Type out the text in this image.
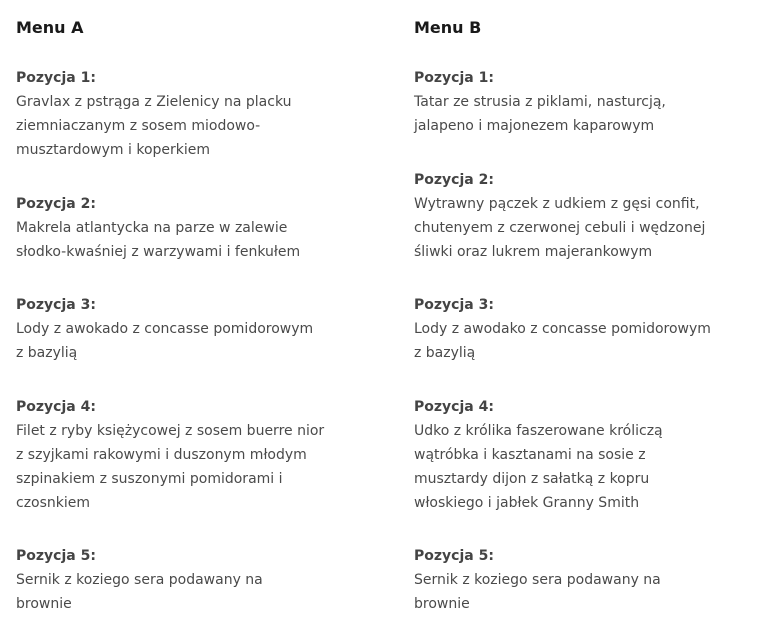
Menu A
Pozycja 1:
Gravlax z pstrąga z Zielenicy na placku
ziemniaczanym z sosem miodowo-
musztardowym i koperkiem
Pozycja 2:
Makrela atlantycka na parze w zalewie
słodko-kwaśniej z warzywami i fenkułem
Pozycja 3:
Lody z awokado z concasse pomidorowym
z bazylią
Pozycja 4:
Filet z ryby księżycowej z sosem buerre nior
z szyjkami rakowymi i duszonym młodym
szpinakiem z suszonymi pomidorami i
czosnkiem
Pozycja 5:
Sernik z koziego sera podawany na
brownie
Menu B
Pozycja 1:
Tatar ze strusia z piklami, nasturcją,
jalapeno i majonezem kaparowym
Pozycja 2:
Wytrawny pączek z udkiem z gęsi confit,
chutenyem z czerwonej cebuli i wędzonej
śliwki oraz lukrem majerankowym
Pozycja 3:
Lody z awodako z concasse pomidorowym
z bazylią
Pozycja 4:
Udko z królika faszerowane króliczą
wątróbka i kasztanami na sosie z
musztardy dijon z sałatką z kopru
włoskiego i jabłek Granny Smith
Pozycja 5:
Sernik z koziego sera podawany na
brownie
